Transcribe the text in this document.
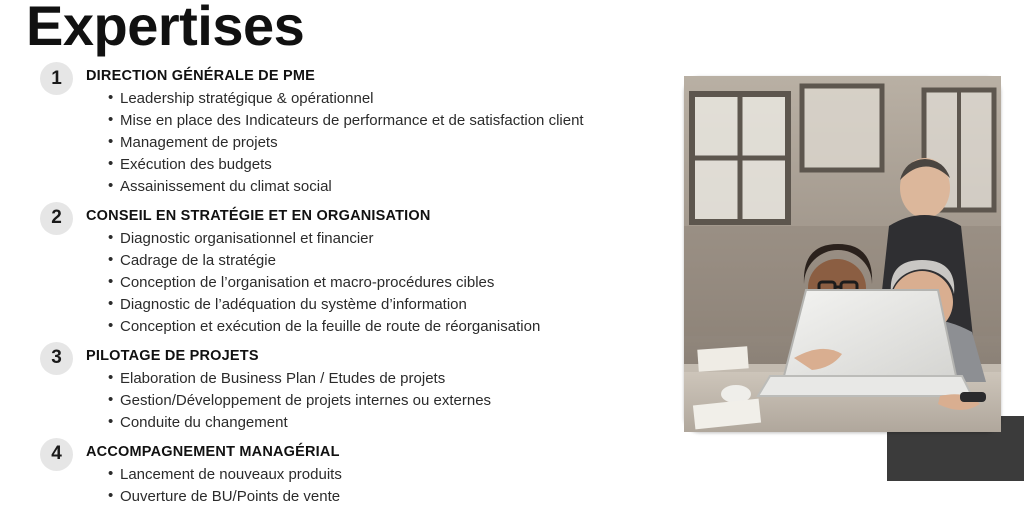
Expertises
1	DIRECTION GÉNÉRALE DE PME
• Leadership stratégique & opérationnel
• Mise en place des Indicateurs de performance et de satisfaction client
• Management de projets
• Exécution des budgets
• Assainissement du climat social
2	CONSEIL EN STRATÉGIE ET EN ORGANISATION
• Diagnostic organisationnel et financier
• Cadrage de la stratégie
• Conception de l’organisation et macro-procédures cibles
• Diagnostic de l’adéquation du système d’information
• Conception et exécution de la feuille de route de réorganisation
3	PILOTAGE DE PROJETS
• Elaboration de Business Plan / Etudes de projets
• Gestion/Développement de projets internes ou externes
• Conduite du changement
4	ACCOMPAGNEMENT MANAGÉRIAL
• Lancement de nouveaux produits
• Ouverture de BU/Points de vente
